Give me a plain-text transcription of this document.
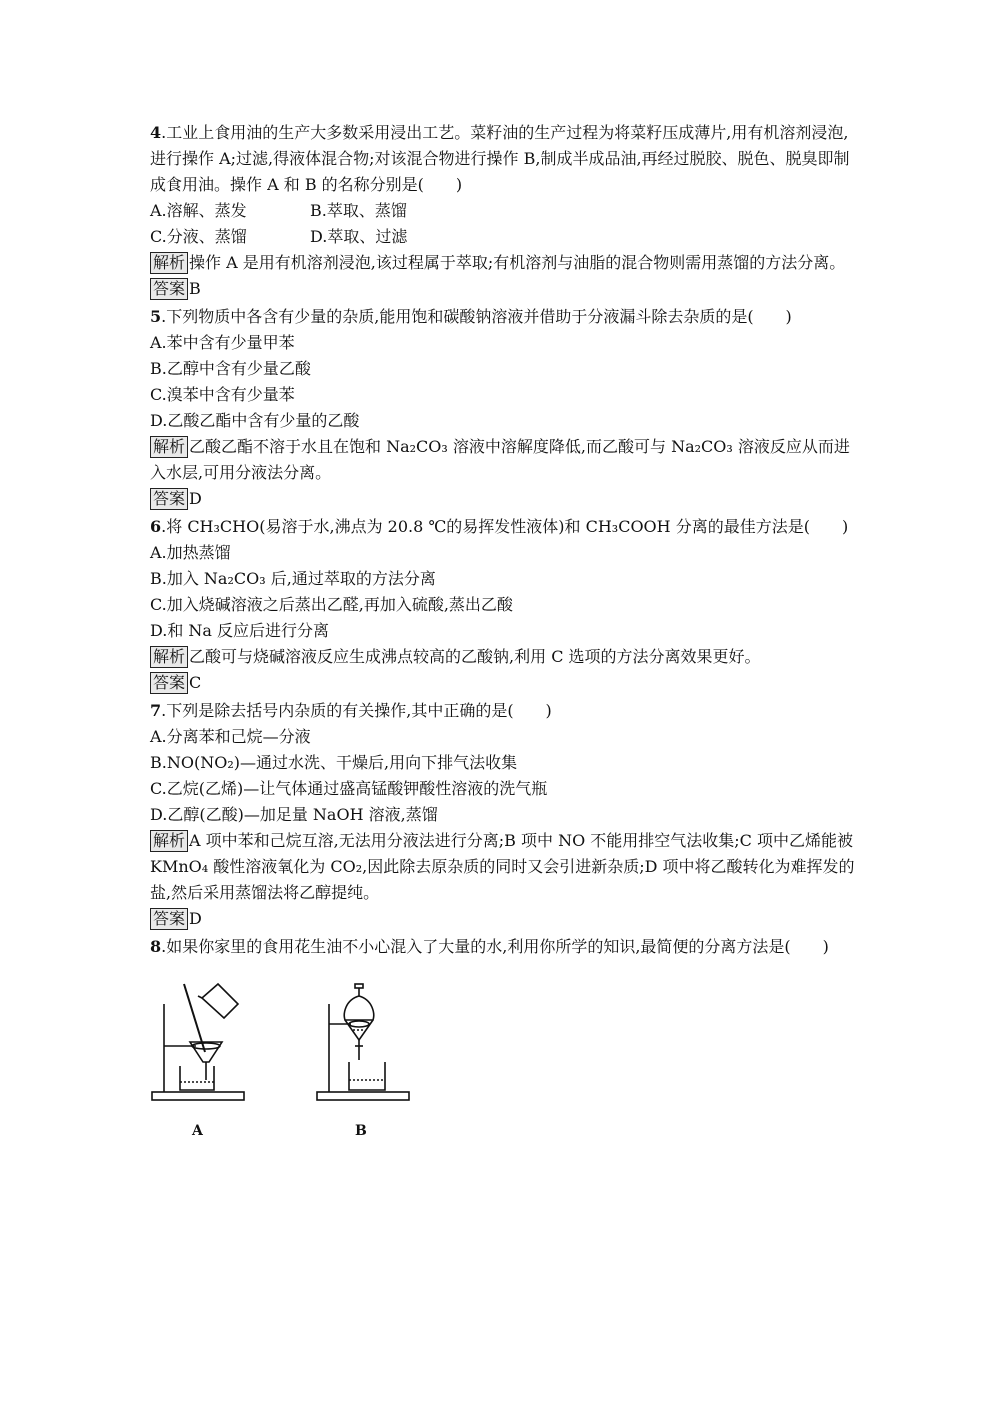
4.工业上食用油的生产大多数采用浸出工艺。菜籽油的生产过程为将菜籽压成薄片,用有机溶剂浸泡,进行操作 A;过滤,得液体混合物;对该混合物进行操作 B,制成半成品油,再经过脱胶、脱色、脱臭即制成食用油。操作 A 和 B 的名称分别是(　　)

A.溶解、蒸发	B.萃取、蒸馏

C.分液、蒸馏	D.萃取、过滤

解析 操作 A 是用有机溶剂浸泡,该过程属于萃取;有机溶剂与油脂的混合物则需用蒸馏的方法分离。

答案 B

5.下列物质中各含有少量的杂质,能用饱和碳酸钠溶液并借助于分液漏斗除去杂质的是(　　)

A.苯中含有少量甲苯

B.乙醇中含有少量乙酸

C.溴苯中含有少量苯

D.乙酸乙酯中含有少量的乙酸

解析 乙酸乙酯不溶于水且在饱和 Na₂CO₃ 溶液中溶解度降低,而乙酸可与 Na₂CO₃ 溶液反应从而进入水层,可用分液法分离。

答案 D

6.将 CH₃CHO(易溶于水,沸点为 20.8 ℃的易挥发性液体)和 CH₃COOH 分离的最佳方法是(　　)

A.加热蒸馏

B.加入 Na₂CO₃ 后,通过萃取的方法分离

C.加入烧碱溶液之后蒸出乙醛,再加入硫酸,蒸出乙酸

D.和 Na 反应后进行分离

解析 乙酸可与烧碱溶液反应生成沸点较高的乙酸钠,利用 C 选项的方法分离效果更好。

答案 C

7.下列是除去括号内杂质的有关操作,其中正确的是(　　)

A.分离苯和己烷—分液

B.NO(NO₂)—通过水洗、干燥后,用向下排气法收集

C.乙烷(乙烯)—让气体通过盛高锰酸钾酸性溶液的洗气瓶

D.乙醇(乙酸)—加足量 NaOH 溶液,蒸馏

解析 A 项中苯和己烷互溶,无法用分液法进行分离;B 项中 NO 不能用排空气法收集;C 项中乙烯能被 KMnO₄ 酸性溶液氧化为 CO₂,因此除去原杂质的同时又会引进新杂质;D 项中将乙酸转化为难挥发的盐,然后采用蒸馏法将乙醇提纯。

答案 D

8.如果你家里的食用花生油不小心混入了大量的水,利用你所学的知识,最简便的分离方法是(　　)

A	B
